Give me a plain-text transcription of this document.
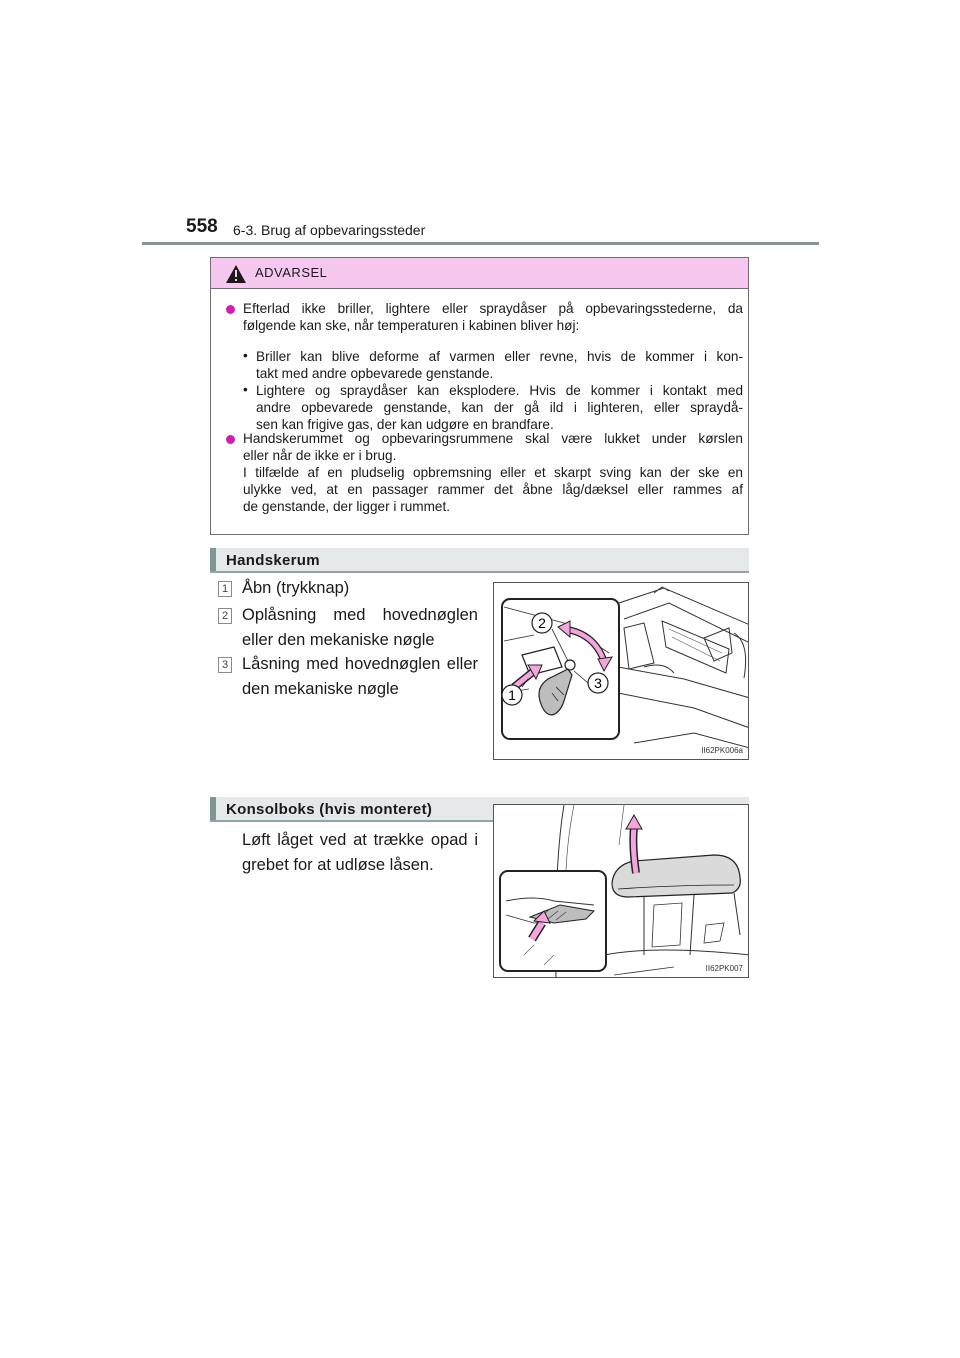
558 6-3. Brug af opbevaringssteder
ADVARSEL
Efterlad ikke briller, lightere eller spraydåser på opbevaringsstederne, da
følgende kan ske, når temperaturen i kabinen bliver høj:
• Briller kan blive deforme af varmen eller revne, hvis de kommer i kon-
takt med andre opbevarede genstande.
• Lightere og spraydåser kan eksplodere. Hvis de kommer i kontakt med
andre opbevarede genstande, kan der gå ild i lighteren, eller spraydå-
sen kan frigive gas, der kan udgøre en brandfare.
Handskerummet og opbevaringsrummene skal være lukket under kørslen
eller når de ikke er i brug.
I tilfælde af en pludselig opbremsning eller et skarpt sving kan der ske en
ulykke ved, at en passager rammer det åbne låg/dæksel eller rammes af
de genstande, der ligger i rummet.
Handskerum
1 Åbn (trykknap)
2 Oplåsning med hovednøglen
eller den mekaniske nøgle
3 Låsning med hovednøglen eller
den mekaniske nøgle
2
1
3
II62PK006a
Konsolboks (hvis monteret)
Løft låget ved at trække opad i
grebet for at udløse låsen.
II62PK007
